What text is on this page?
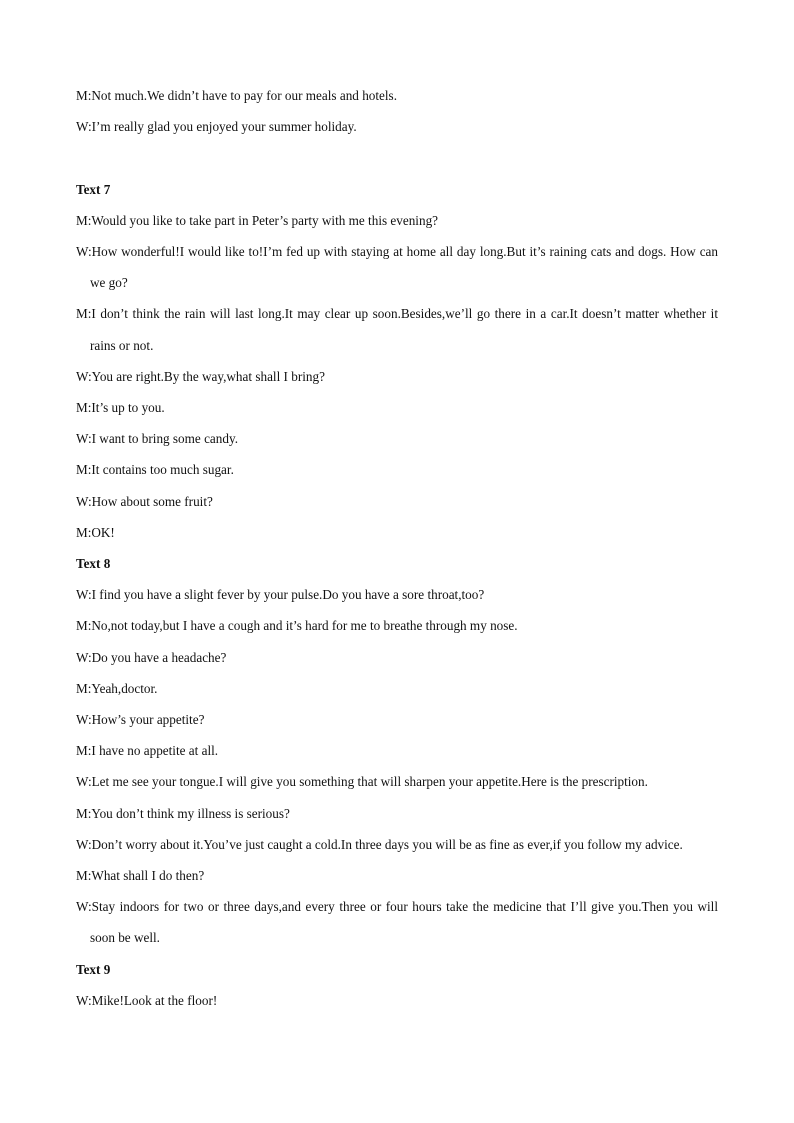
M:Not much.We didn’t have to pay for our meals and hotels.

W:I’m really glad you enjoyed your summer holiday.

Text 7

M:Would you like to take part in Peter’s party with me this evening?

W:How wonderful!I would like to!I’m fed up with staying at home all day long.But it’s raining cats and dogs. How can we go?

M:I don’t think the rain will last long.It may clear up soon.Besides,we’ll go there in a car.It doesn’t matter whether it rains or not.

W:You are right.By the way,what shall I bring?

M:It’s up to you.

W:I want to bring some candy.

M:It contains too much sugar.

W:How about some fruit?

M:OK!

Text 8

W:I find you have a slight fever by your pulse.Do you have a sore throat,too?

M:No,not today,but I have a cough and it’s hard for me to breathe through my nose.

W:Do you have a headache?

M:Yeah,doctor.

W:How’s your appetite?

M:I have no appetite at all.

W:Let me see your tongue.I will give you something that will sharpen your appetite.Here is the prescription.

M:You don’t think my illness is serious?

W:Don’t worry about it.You’ve just caught a cold.In three days you will be as fine as ever,if you follow my advice.

M:What shall I do then?

W:Stay indoors for two or three days,and every three or four hours take the medicine that I’ll give you.Then you will soon be well.

Text 9

W:Mike!Look at the floor!
